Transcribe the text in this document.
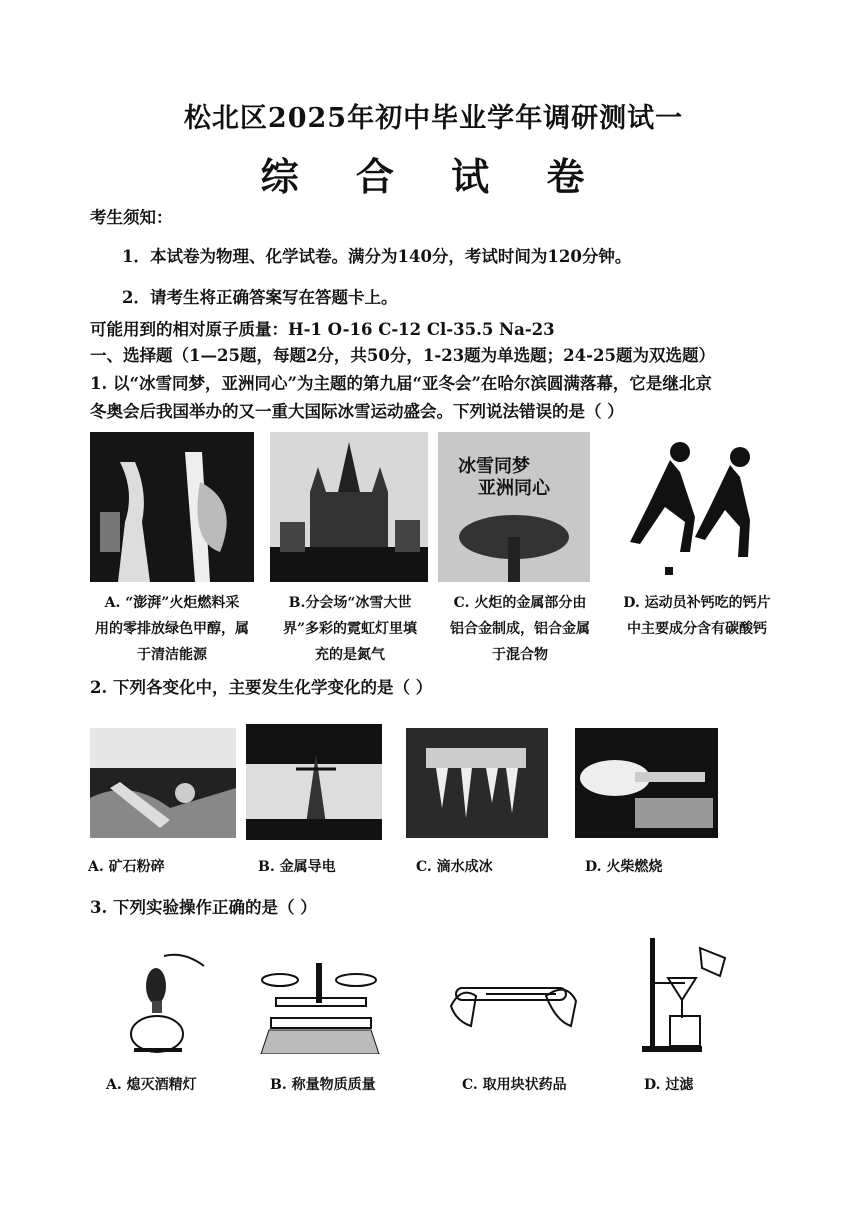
松北区2025年初中毕业学年调研测试一
综 合 试 卷
考生须知：
1．本试卷为物理、化学试卷。满分为140分，考试时间为120分钟。
2．请考生将正确答案写在答题卡上。
可能用到的相对原子质量：H-1 O-16 C-12 Cl-35.5 Na-23
一、选择题（1—25题，每题2分，共50分，1-23题为单选题；24-25题为双选题）
1. 以“冰雪同梦，亚洲同心”为主题的第九届“亚冬会”在哈尔滨圆满落幕，它是继北京
冬奥会后我国举办的又一重大国际冰雪运动盛会。下列说法错误的是（ ）
冰雪同梦
亚洲同心
A. “澎湃”火炬燃料采
用的零排放绿色甲醇，属
于清洁能源
B.分会场“冰雪大世
界”多彩的霓虹灯里填
充的是氮气
C. 火炬的金属部分由
铝合金制成，铝合金属
于混合物
D. 运动员补钙吃的钙片
中主要成分含有碳酸钙
2. 下列各变化中，主要发生化学变化的是（ ）
A. 矿石粉碎	B. 金属导电	C. 滴水成冰	D. 火柴燃烧
3. 下列实验操作正确的是（ ）
A. 熄灭酒精灯	B. 称量物质质量	C. 取用块状药品	D. 过滤
